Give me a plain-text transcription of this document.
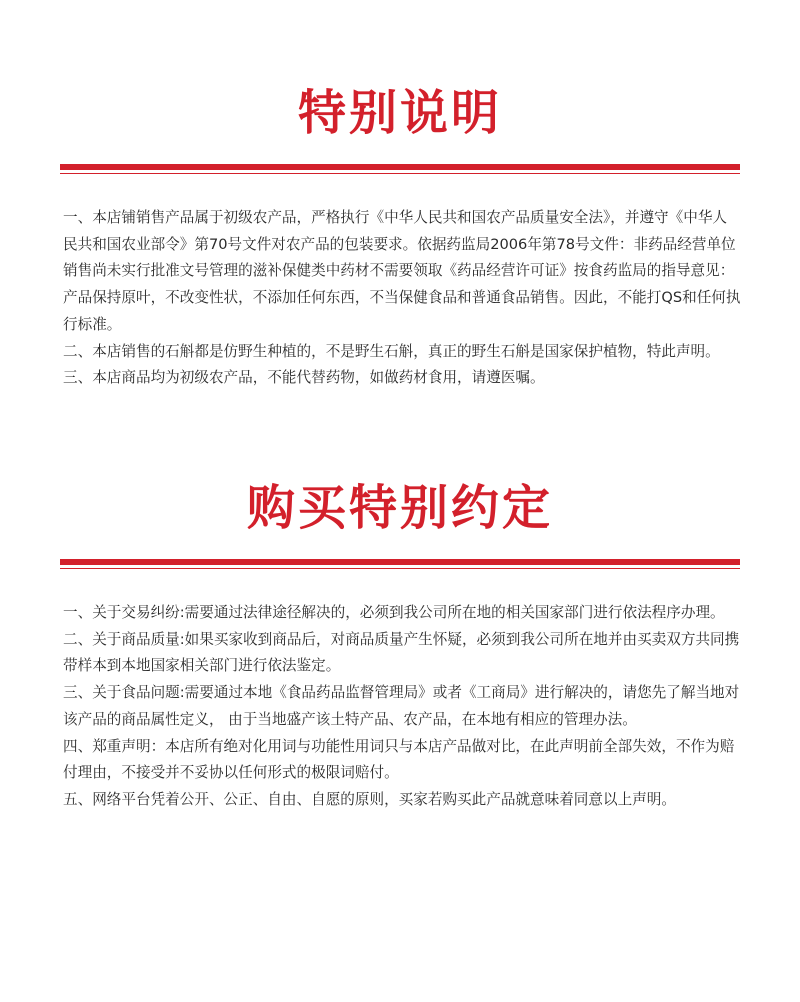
特别说明

一、本店铺销售产品属于初级农产品，严格执行《中华人民共和国农产品质量安全法》，并遵守《中华人民共和国农业部令》第70号文件对农产品的包装要求。依据药监局2006年第78号文件：非药品经营单位销售尚未实行批准文号管理的滋补保健类中药材不需要领取《药品经营许可证》按食药监局的指导意见：产品保持原叶，不改变性状，不添加任何东西，不当保健食品和普通食品销售。因此，不能打QS和任何执行标准。

二、本店销售的石斛都是仿野生种植的，不是野生石斛，真正的野生石斛是国家保护植物，特此声明。

三、本店商品均为初级农产品，不能代替药物，如做药材食用，请遵医嘱。

购买特别约定

一、关于交易纠纷:需要通过法律途径解决的，必须到我公司所在地的相关国家部门进行依法程序办理。

二、关于商品质量:如果买家收到商品后，对商品质量产生怀疑，必须到我公司所在地并由买卖双方共同携带样本到本地国家相关部门进行依法鉴定。

三、关于食品问题:需要通过本地《食品药品监督管理局》或者《工商局》进行解决的，请您先了解当地对该产品的商品属性定义， 由于当地盛产该土特产品、农产品，在本地有相应的管理办法。

四、郑重声明：本店所有绝对化用词与功能性用词只与本店产品做对比，在此声明前全部失效，不作为赔付理由，不接受并不妥协以任何形式的极限词赔付。

五、网络平台凭着公开、公正、自由、自愿的原则，买家若购买此产品就意味着同意以上声明。
